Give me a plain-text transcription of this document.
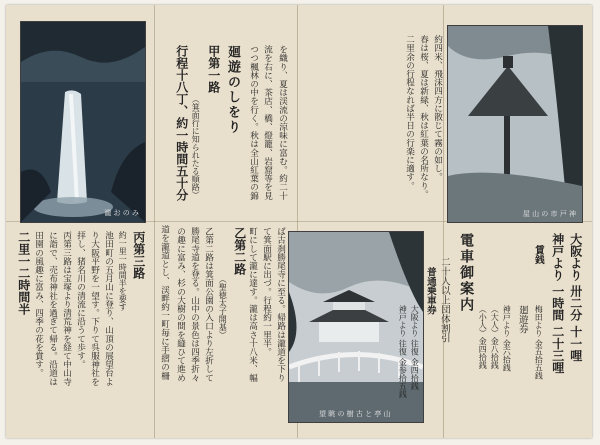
瀧 お の み
廻遊のしをり
甲第一路
（箕面行に知られたる順路）
行程十八丁、約一時間五十分
道を瀧道とし、渓畔約一町毎に手摺の柵
流を右に、茶店、橋、燈籠、岩窟等を見
つつ楓林の中を行く。秋は全山紅葉の錦 を織り、夏は渓流の涼味に富む。約二十
乙第二路
（聖徳太子開基）
乙第二路は箕面公園の入口より左折して
勝尾寺道を登る。山中の景色は四季折々
の趣に富み、杉の大樹の間を縫ひて進め	ば古刹勝尾寺に至る。帰路は瀧道を下り
て箕面駅に出づ。行程約一里半。
町にして瀧に達す。瀧は高さ十八米、幅
丙第三路
約一里一時間半を要す
池田町の五月山に登り、山頂の展望台よ
り大阪平野を一望す。下りて呉服神社を
拝し、猪名川の清流に沿うて歩す。
丙第三路は宝塚より清荒神を経て中山寺
に詣で、売布神社を過ぎて帰る。沿道は
田園の風趣に富み、四季の花を賞す。
二里一二時間半
望 眺 の 樹 古 と 亭 山
屋 山 の 市 戸 神
電車御案内	大阪より 卅二分 十一哩
神戸より 一時間 二十三哩
賃銭
廻遊券 梅田より 金五拾五銭
神戸より 金六拾銭
（大人）金八拾銭
（小人）金四拾銭
二十人以上団体割引
普通乗車券
大阪より 往復 金四拾銭
神戸より 往復 金参拾五銭
約四米、飛沫四方に散じて霧の如し。
春は桜、夏は新緑、秋は紅葉の名所なり。
二里余の行程なれば半日の行楽に適す。
